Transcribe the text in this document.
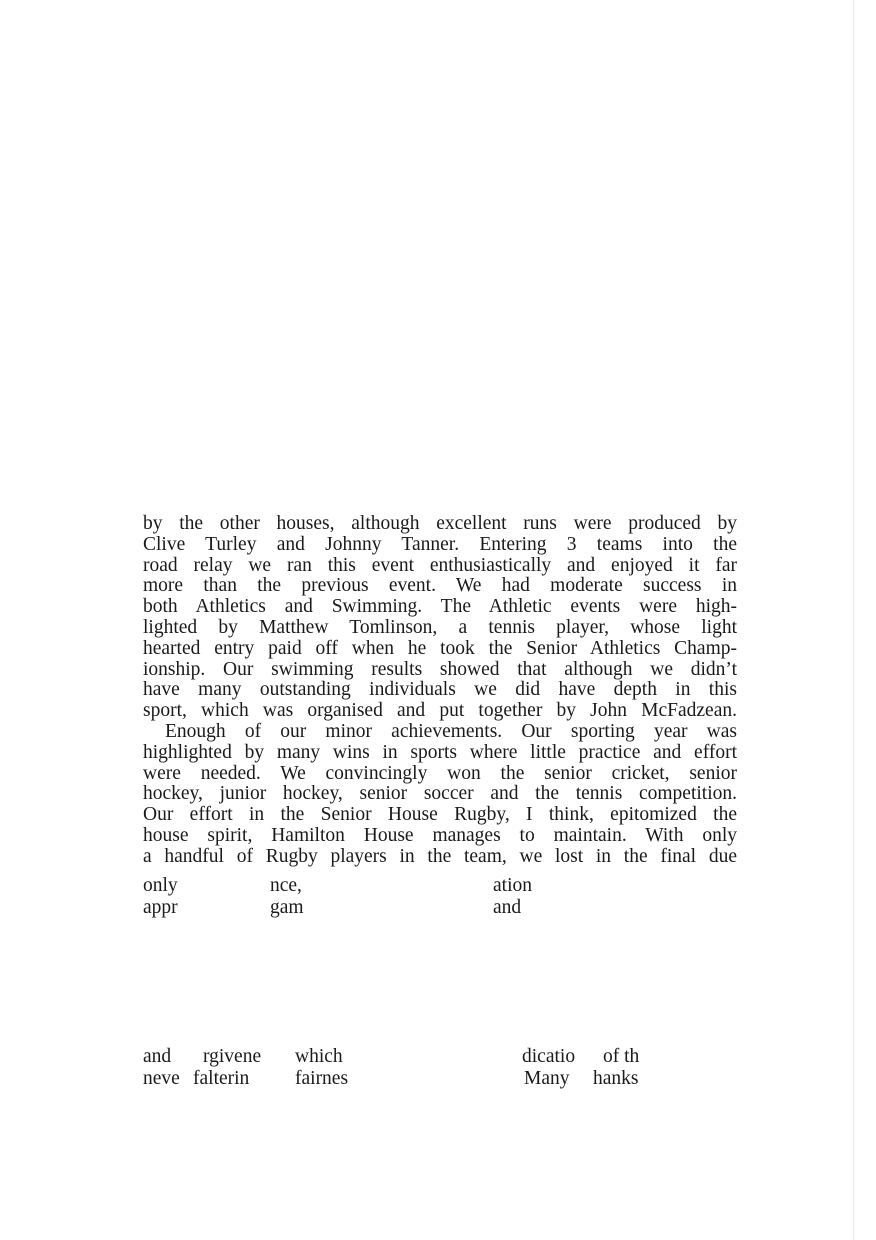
by the other houses, although excellent runs were produced by
Clive Turley and Johnny Tanner. Entering 3 teams into the
road relay we ran this event enthusiastically and enjoyed it far
more than the previous event. We had moderate success in
both Athletics and Swimming. The Athletic events were high-
lighted by Matthew Tomlinson, a tennis player, whose light
hearted entry paid off when he took the Senior Athletics Champ-
ionship. Our swimming results showed that although we didn’t
have many outstanding individuals we did have depth in this
sport, which was organised and put together by John McFadzean.
Enough of our minor achievements. Our sporting year was
highlighted by many wins in sports where little practice and effort
were needed. We convincingly won the senior cricket, senior
hockey, junior hockey, senior soccer and the tennis competition.
Our effort in the Senior House Rugby, I think, epitomized the
house spirit, Hamilton House manages to maintain. With only
a handful of Rugby players in the team, we lost in the final due
only	nce,	ation
appr	gam	and
and rgivene which	dicatio of th
neve falterin fairnes	Many hanks
